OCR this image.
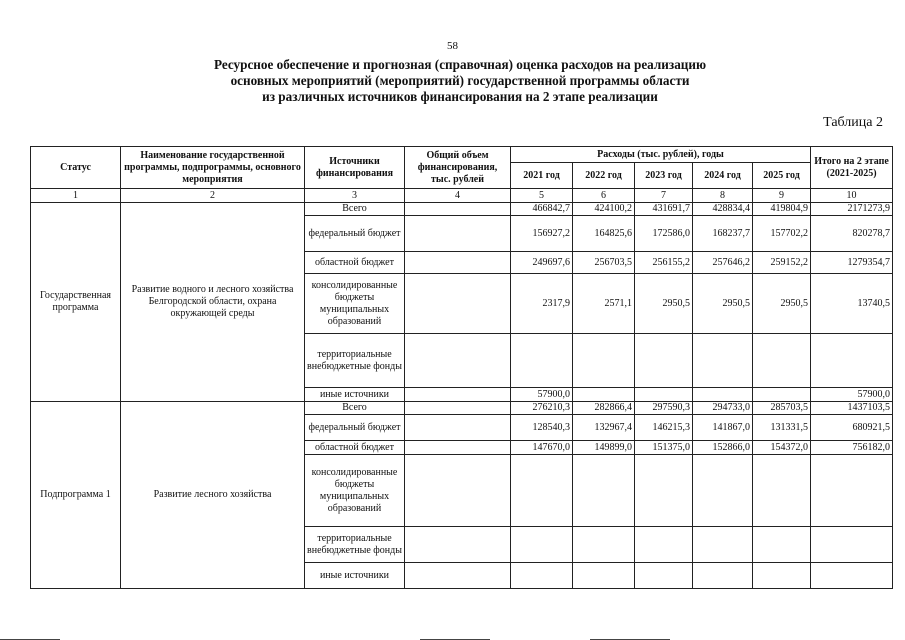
58
Ресурсное обеспечение и прогнозная (справочная) оценка расходов на реализацию
основных мероприятий (мероприятий) государственной программы области
из различных источников финансирования на 2 этапе реализации
Таблица 2
Статус	Наименование государственной программы, подпрограммы, основного мероприятия	Источники финансирования	Общий объем финансирования, тыс. рублей	Расходы (тыс. рублей), годы					Итого на 2 этапе (2021-2025)
				2021 год	2022 год	2023 год	2024 год	2025 год	
1	2	3	4	5	6	7	8	9	10
Государственная программа	Развитие водного и лесного хозяйства Белгородской области, охрана окружающей среды	Всего		466842,7	424100,2	431691,7	428834,4	419804,9	2171273,9
		федеральный бюджет		156927,2	164825,6	172586,0	168237,7	157702,2	820278,7
		областной бюджет		249697,6	256703,5	256155,2	257646,2	259152,2	1279354,7
		консолидированные бюджеты муниципальных образований		2317,9	2571,1	2950,5	2950,5	2950,5	13740,5
		территориальные внебюджетные фонды							
		иные источники		57900,0					57900,0
Подпрограмма 1	Развитие лесного хозяйства	Всего		276210,3	282866,4	297590,3	294733,0	285703,5	1437103,5
		федеральный бюджет		128540,3	132967,4	146215,3	141867,0	131331,5	680921,5
		областной бюджет		147670,0	149899,0	151375,0	152866,0	154372,0	756182,0
		консолидированные бюджеты муниципальных образований							
		территориальные внебюджетные фонды							
		иные источники							
